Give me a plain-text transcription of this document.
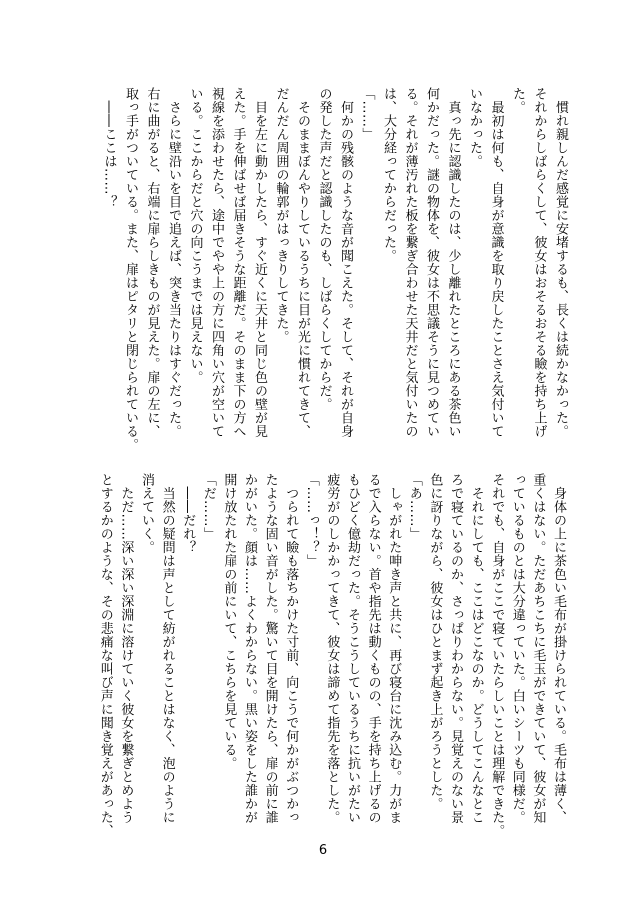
　慣れ親しんだ感覚に安堵するも、長くは続かなかった。
それからしばらくして、彼女はおそるおそる瞼を持ち上げ
た。
　最初は何も、自身が意識を取り戻したことさえ気付いて
いなかった。
　真っ先に認識したのは、少し離れたところにある茶色い
何かだった。謎の物体を、彼女は不思議そうに見つめてい
る。それが薄汚れた板を繋ぎ合わせた天井だと気付いたの
は、大分経ってからだった。
「……」
　何かの残骸のような音が聞こえた。そして、それが自身
の発した声だと認識したのも、しばらくしてからだ。
　そのままぼんやりしているうちに目が光に慣れてきて、
だんだん周囲の輪郭がはっきりしてきた。
　目を左に動かしたら、すぐ近くに天井と同じ色の壁が見
えた。手を伸ばせば届きそうな距離だ。そのまま下の方へ
視線を添わせたら、途中でやや上の方に四角い穴が空いて
いる。ここからだと穴の向こうまでは見えない。
　さらに壁沿いを目で追えば、突き当たりはすぐだった。
右に曲がると、右端に扉らしきものが見えた。扉の左に、
取っ手がついている。また、扉はピタリと閉じられている。
　――ここは……？
　身体の上に茶色い毛布が掛けられている。毛布は薄く、
重くはない。ただあちこちに毛玉ができていて、彼女が知
っているものとは大分違っていた。白いシーツも同様だ。
それでも、自身がここで寝ていたらしいことは理解できた。
　それにしても、ここはどこなのか。どうしてこんなとこ
ろで寝ているのか、さっぱりわからない。見覚えのない景
色に訝りながら、彼女はひとまず起き上がろうとした。
「あ……」
　しゃがれた呻き声と共に、再び寝台に沈み込む。力がま
るで入らない。首や指先は動くものの、手を持ち上げるの
もひどく億劫だった。そうこうしているうちに抗いがたい
疲労がのしかかってきて、彼女は諦めて指先を落とした。
「……っ！？」
　つられて瞼も落ちかけた寸前、向こうで何かがぶつかっ
たような固い音がした。驚いて目を開けたら、扉の前に誰
かがいた。顔は……よくわからない。黒い姿をした誰かが
開け放たれた扉の前にいて、こちらを見ている。
「だ……」
　――だれ？
　当然の疑問は声として紡がれることはなく、泡のように
消えていく。
　ただ……深い深い深淵に溶けていく彼女を繋ぎとめよう
とするかのような、その悲痛な叫び声に聞き覚えがあった、
6
